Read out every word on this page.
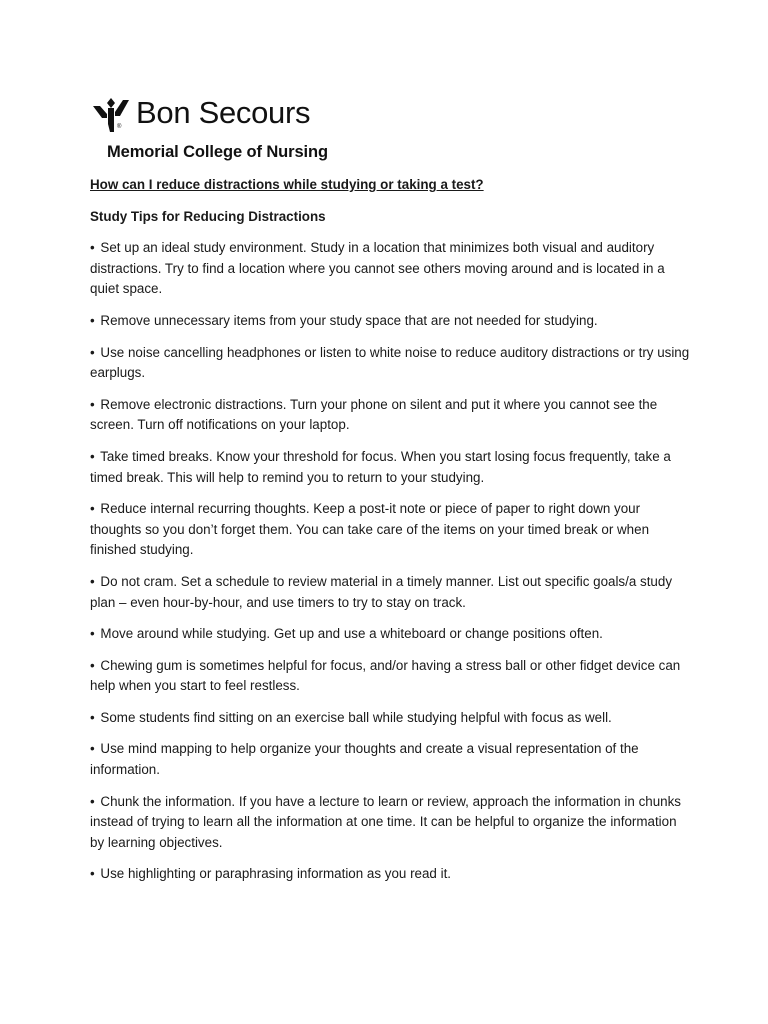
® Bon Secours
Memorial College of Nursing

How can I reduce distractions while studying or taking a test?

Study Tips for Reducing Distractions

• Set up an ideal study environment. Study in a location that minimizes both visual and auditory distractions. Try to find a location where you cannot see others moving around and is located in a quiet space.

• Remove unnecessary items from your study space that are not needed for studying.

• Use noise cancelling headphones or listen to white noise to reduce auditory distractions or try using earplugs.

• Remove electronic distractions. Turn your phone on silent and put it where you cannot see the screen. Turn off notifications on your laptop.

• Take timed breaks. Know your threshold for focus. When you start losing focus frequently, take a timed break. This will help to remind you to return to your studying.

• Reduce internal recurring thoughts. Keep a post-it note or piece of paper to right down your thoughts so you don’t forget them. You can take care of the items on your timed break or when finished studying.

• Do not cram. Set a schedule to review material in a timely manner. List out specific goals/a study plan – even hour-by-hour, and use timers to try to stay on track.

• Move around while studying. Get up and use a whiteboard or change positions often.

• Chewing gum is sometimes helpful for focus, and/or having a stress ball or other fidget device can help when you start to feel restless.

• Some students find sitting on an exercise ball while studying helpful with focus as well.

• Use mind mapping to help organize your thoughts and create a visual representation of the information.

• Chunk the information. If you have a lecture to learn or review, approach the information in chunks instead of trying to learn all the information at one time. It can be helpful to organize the information by learning objectives.

• Use highlighting or paraphrasing information as you read it.
